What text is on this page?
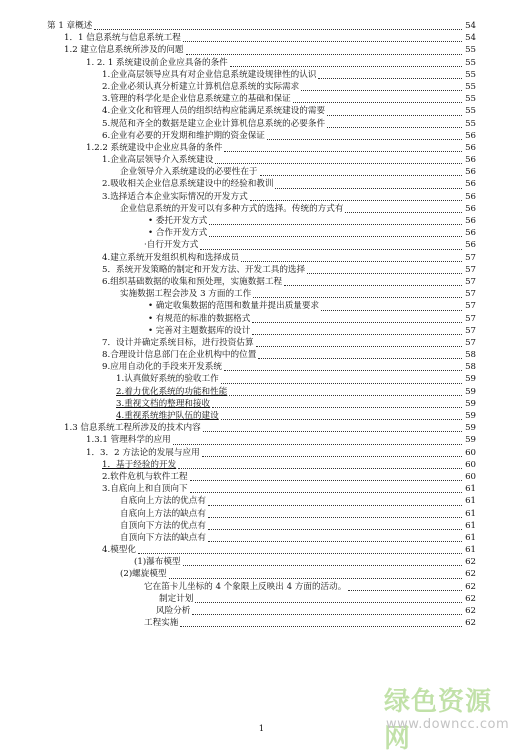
第 1 章概述	54
1．1 信息系统与信息系统工程	54
1.2 建立信息系统所涉及的问题	55
1. 2. 1 系统建设前企业应具备的条件	55
1.企业高层领导应具有对企业信息系统建设规律性的认识	55
2.企业必须认真分析建立计算机信息系统的实际需求	55
3.管理的科学化是企业信息系统建立的基础和保证	55
4.企业文化和管理人员的组织结构应能满足系统建设的需要	55
5.规范和齐全的数据是建立企业计算机信息系统的必要条件	55
6.企业有必要的开发期和维护期的资金保证	56
1.2.2 系统建设中企业应具备的条件	56
1.企业高层领导介入系统建设	56
企业领导介入系统建设的必要性在于	56
2.吸收相关企业信息系统建设中的经验和教训	56
3.选择适合本企业实际情况的开发方式	56
企业信息系统的开发可以有多种方式的选择。传统的方式有	56
• 委托开发方式	56
• 合作开发方式	56
·自行开发方式	56
4.建立系统开发组织机构和选择成员	57
5．系统开发策略的制定和开发方法、开发工具的选择	57
6.组织基础数据的收集和预处理，实施数据工程	57
实施数据工程会涉及 3 方面的工作	57
• 确定收集数据的范围和数量并提出质量要求	57
• 有规范的标准的数据格式	57
• 完善对主题数据库的设计	57
7．设计并确定系统目标，进行投资估算	57
8.合理设计信息部门在企业机构中的位置	58
9.应用自动化的手段来开发系统	58
1.认真做好系统的验收工作	59
2.着力优化系统的功能和性能	59
3.重视文档的整理和接收	59
4.重视系统维护队伍的建设	59
1.3 信息系统工程所涉及的技术内容	59
1.3.1 管理科学的应用	59
1．3．2 方法论的发展与应用	60
1．基于经验的开发	60
2.软件危机与软件工程	60
3.自底向上和自顶向下	61
自底向上方法的优点有	61
自底向上方法的缺点有	61
自顶向下方法的优点有	61
自顶向下方法的缺点有	61
4.模型化	61
(1)瀑布模型	62
(2)螺旋模型	62
它在笛卡儿坐标的 4 个象限上反映出 4 方面的活动。	62
制定计划	62
风险分析	62
工程实施	62
1
绿色资源网
www.downcc.com
